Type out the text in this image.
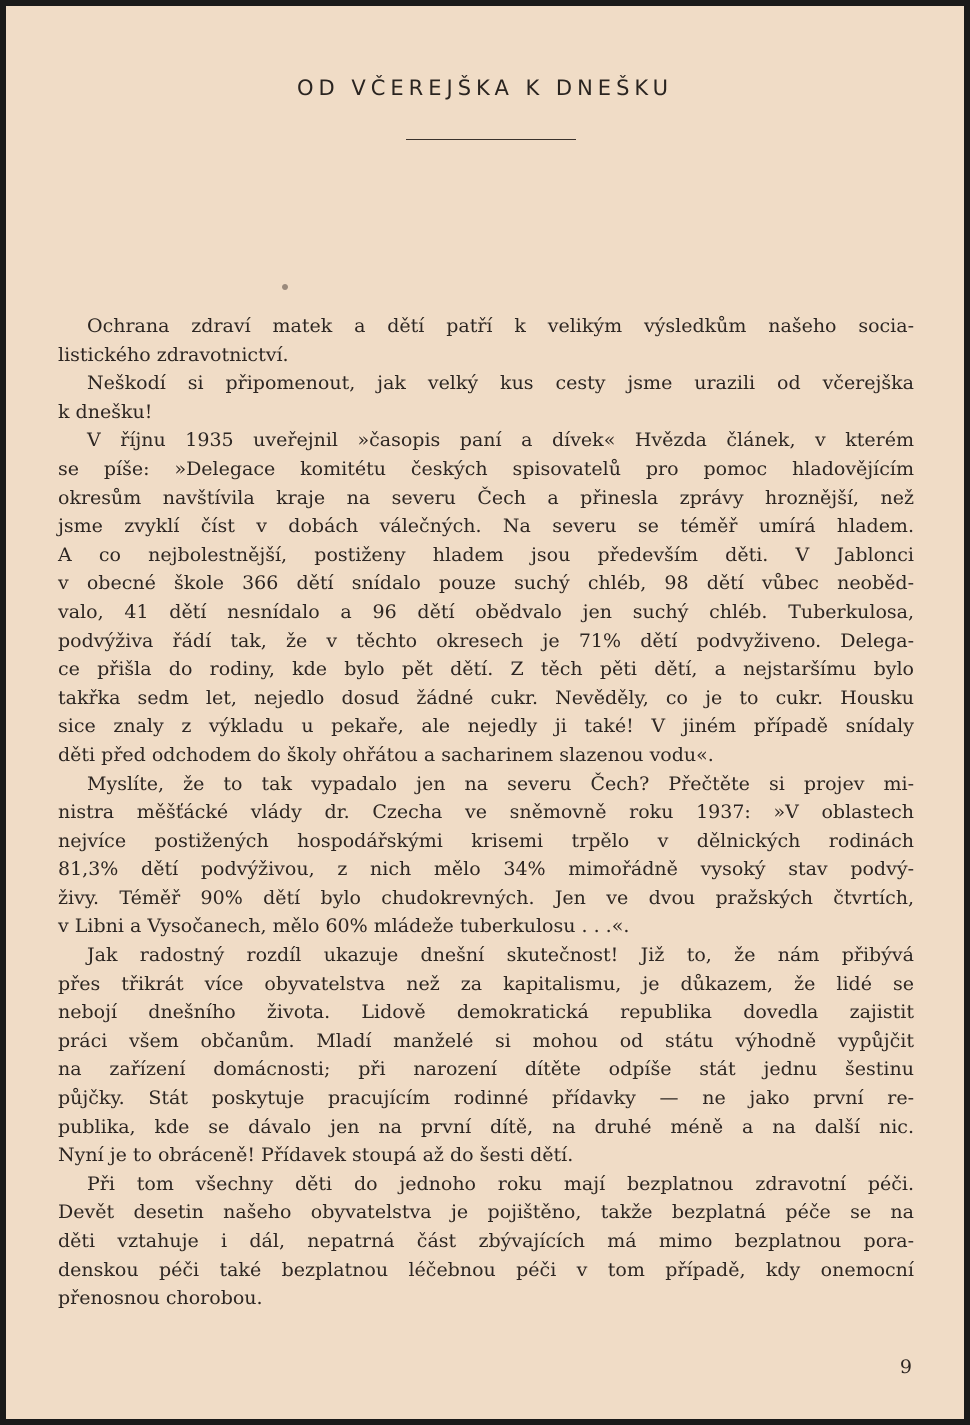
OD VČEREJŠKA K DNEŠKU
Ochrana zdraví matek a dětí patří k velikým výsledkům našeho socia-
listického zdravotnictví.
Neškodí si připomenout, jak velký kus cesty jsme urazili od včerejška
k dnešku!
V říjnu 1935 uveřejnil »časopis paní a dívek« Hvězda článek, v kterém
se píše: »Delegace komitétu českých spisovatelů pro pomoc hladovějícím
okresům navštívila kraje na severu Čech a přinesla zprávy hroznější, než
jsme zvyklí číst v dobách válečných. Na severu se téměř umírá hladem.
A co nejbolestnější, postiženy hladem jsou především děti. V Jablonci
v obecné škole 366 dětí snídalo pouze suchý chléb, 98 dětí vůbec neoběd-
valo, 41 dětí nesnídalo a 96 dětí obědvalo jen suchý chléb. Tuberkulosa,
podvýživa řádí tak, že v těchto okresech je 71% dětí podvyživeno. Delega-
ce přišla do rodiny, kde bylo pět dětí. Z těch pěti dětí, a nejstaršímu bylo
takřka sedm let, nejedlo dosud žádné cukr. Nevěděly, co je to cukr. Housku
sice znaly z výkladu u pekaře, ale nejedly ji také! V jiném případě snídaly
děti před odchodem do školy ohřátou a sacharinem slazenou vodu«.
Myslíte, že to tak vypadalo jen na severu Čech? Přečtěte si projev mi-
nistra měšťácké vlády dr. Czecha ve sněmovně roku 1937: »V oblastech
nejvíce postižených hospodářskými krisemi trpělo v dělnických rodinách
81,3% dětí podvýživou, z nich mělo 34% mimořádně vysoký stav podvý-
živy. Téměř 90% dětí bylo chudokrevných. Jen ve dvou pražských čtvrtích,
v Libni a Vysočanech, mělo 60% mládeže tuberkulosu . . .«.
Jak radostný rozdíl ukazuje dnešní skutečnost! Již to, že nám přibývá
přes třikrát více obyvatelstva než za kapitalismu, je důkazem, že lidé se
nebojí dnešního života. Lidově demokratická republika dovedla zajistit
práci všem občanům. Mladí manželé si mohou od státu výhodně vypůjčit
na zařízení domácnosti; při narození dítěte odpíše stát jednu šestinu
půjčky. Stát poskytuje pracujícím rodinné přídavky — ne jako první re-
publika, kde se dávalo jen na první dítě, na druhé méně a na další nic.
Nyní je to obráceně! Přídavek stoupá až do šesti dětí.
Při tom všechny děti do jednoho roku mají bezplatnou zdravotní péči.
Devět desetin našeho obyvatelstva je pojištěno, takže bezplatná péče se na
děti vztahuje i dál, nepatrná část zbývajících má mimo bezplatnou pora-
denskou péči také bezplatnou léčebnou péči v tom případě, kdy onemocní
přenosnou chorobou.
9
